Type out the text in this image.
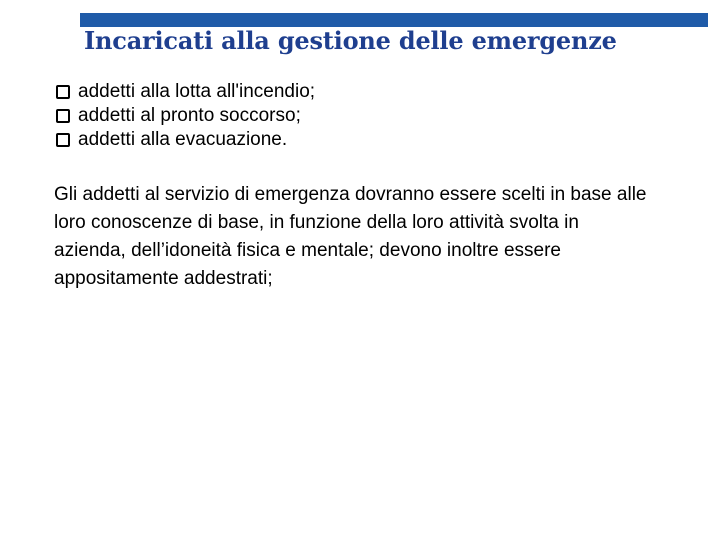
Incaricati alla gestione delle emergenze
addetti alla lotta all'incendio;
addetti al pronto soccorso;
addetti alla evacuazione.

Gli addetti al servizio di emergenza dovranno essere scelti in base alle loro conoscenze di base, in funzione della loro attività svolta in azienda, dell’idoneità fisica e mentale; devono inoltre essere appositamente addestrati;
